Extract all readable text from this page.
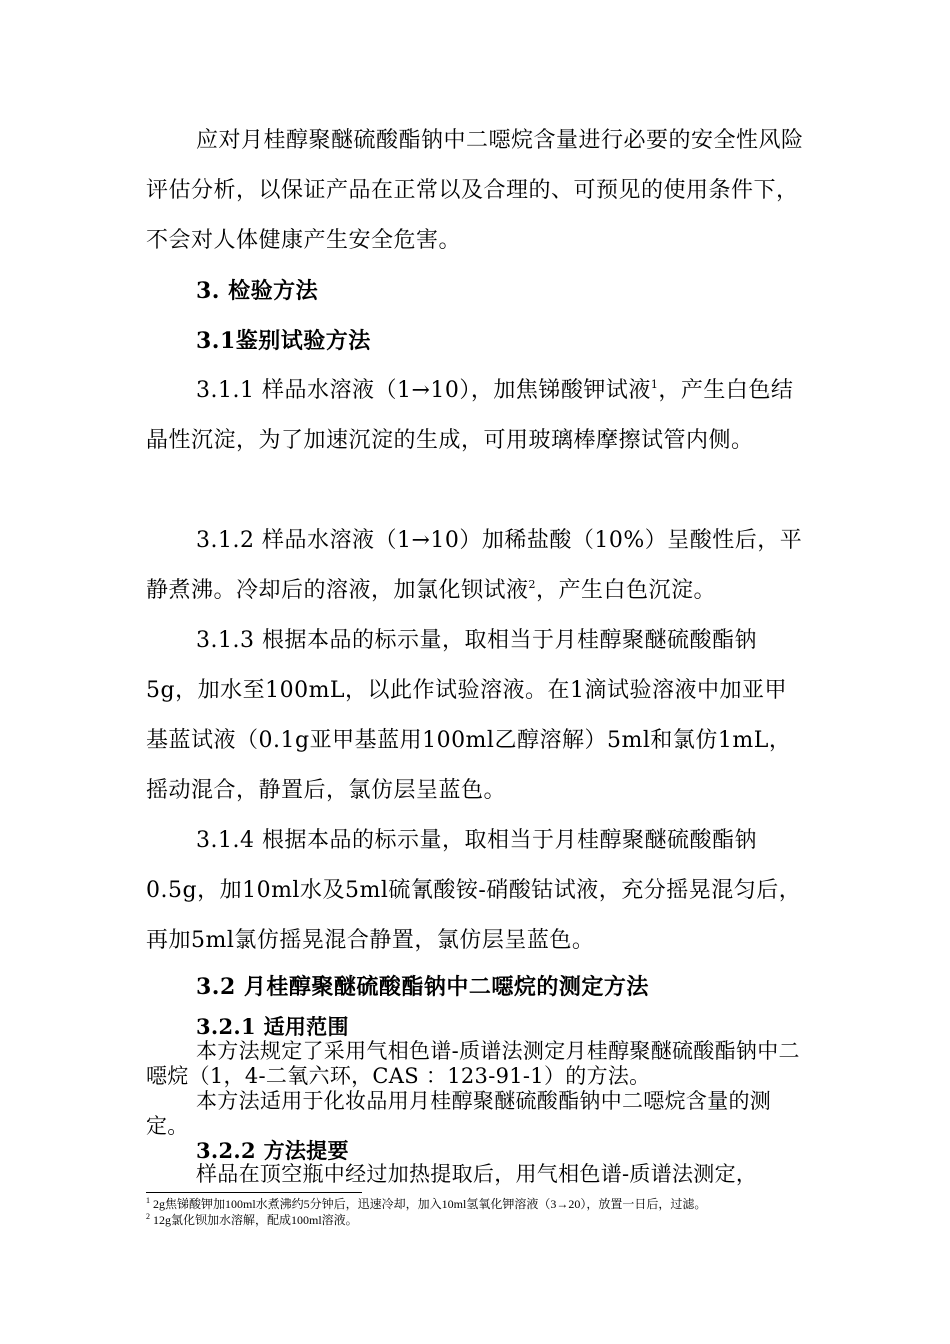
应对月桂醇聚醚硫酸酯钠中二噁烷含量进行必要的安全性风险评估分析，以保证产品在正常以及合理的、可预见的使用条件下，不会对人体健康产生安全危害。

3. 检验方法

3.1鉴别试验方法

3.1.1 样品水溶液（1→10），加焦锑酸钾试液$^1$，产生白色结晶性沉淀，为了加速沉淀的生成，可用玻璃棒摩擦试管内侧。

3.1.2 样品水溶液（1→10）加稀盐酸（10%）呈酸性后，平静煮沸。冷却后的溶液，加氯化钡试液$^2$，产生白色沉淀。

3.1.3 根据本品的标示量，取相当于月桂醇聚醚硫酸酯钠5g，加水至100mL，以此作试验溶液。在1滴试验溶液中加亚甲基蓝试液（0.1g亚甲基蓝用100ml乙醇溶解）5ml和氯仿1mL，摇动混合，静置后，氯仿层呈蓝色。

3.1.4 根据本品的标示量，取相当于月桂醇聚醚硫酸酯钠0.5g，加10ml水及5ml硫氰酸铵-硝酸钴试液，充分摇晃混匀后，再加5ml氯仿摇晃混合静置，氯仿层呈蓝色。

3.2 月桂醇聚醚硫酸酯钠中二噁烷的测定方法

3.2.1 适用范围

本方法规定了采用气相色谱-质谱法测定月桂醇聚醚硫酸酯钠中二噁烷（1，4-二氧六环，CAS ：123-91-1）的方法。

本方法适用于化妆品用月桂醇聚醚硫酸酯钠中二噁烷含量的测定。

3.2.2 方法提要

样品在顶空瓶中经过加热提取后，用气相色谱-质谱法测定，

$^1$ 2g焦锑酸钾加100ml水煮沸约5分钟后，迅速冷却，加入10ml氢氧化钾溶液（3→20），放置一日后，过滤。
$^2$ 12g氯化钡加水溶解，配成100ml溶液。
